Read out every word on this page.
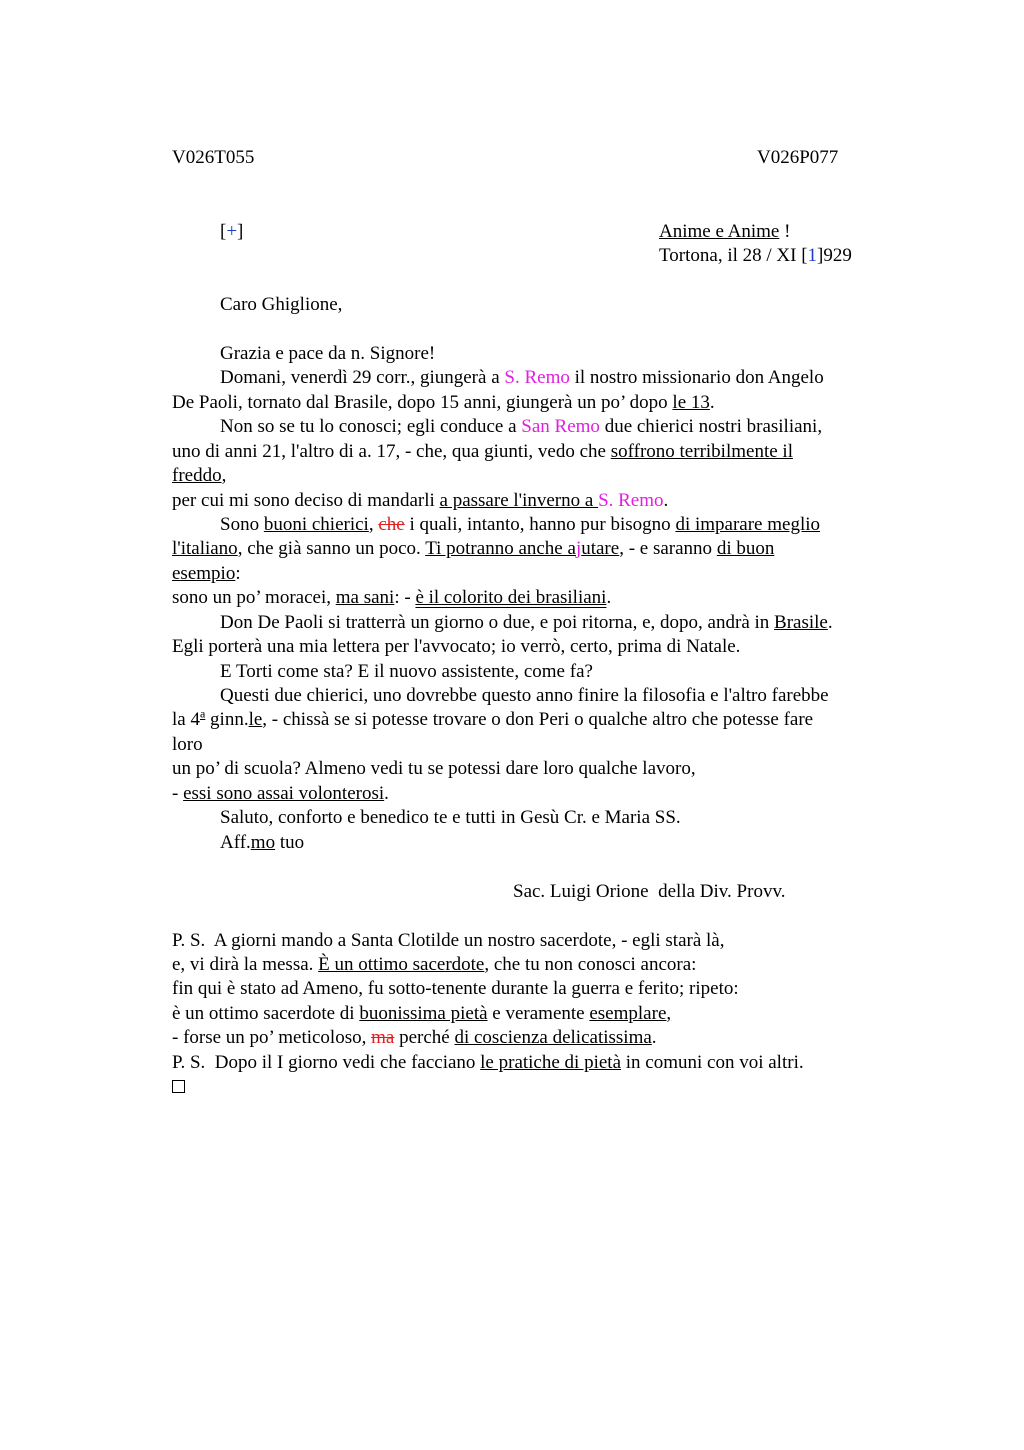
V026T055	V026P077
[+]	Anime e Anime !
Tortona, il 28 / XI [1]929
Caro Ghiglione,
Grazia e pace da n. Signore!
Domani, venerdì 29 corr., giungerà a S. Remo il nostro missionario don Angelo
De Paoli, tornato dal Brasile, dopo 15 anni, giungerà un po’ dopo le 13.
Non so se tu lo conosci; egli conduce a San Remo due chierici nostri brasiliani,
uno di anni 21, l'altro di a. 17, - che, qua giunti, vedo che soffrono terribilmente il
freddo,
per cui mi sono deciso di mandarli a passare l'inverno a S. Remo.
Sono buoni chierici, che i quali, intanto, hanno pur bisogno di imparare meglio
l'italiano, che già sanno un poco. Ti potranno anche ajutare, - e saranno di buon
esempio:
sono un po’ moracei, ma sani: - è il colorito dei brasiliani.
Don De Paoli si tratterrà un giorno o due, e poi ritorna, e, dopo, andrà in Brasile.
Egli porterà una mia lettera per l'avvocato; io verrò, certo, prima di Natale.
E Torti come sta? E il nuovo assistente, come fa?
Questi due chierici, uno dovrebbe questo anno finire la filosofia e l'altro farebbe
la 4$^a$ ginn.le, - chissà se si potesse trovare o don Peri o qualche altro che potesse fare
loro
un po’ di scuola? Almeno vedi tu se potessi dare loro qualche lavoro,
- essi sono assai volonterosi.
Saluto, conforto e benedico te e tutti in Gesù Cr. e Maria SS.
Aff.mo tuo
Sac. Luigi Orione  della Div. Provv.
P. S.  A giorni mando a Santa Clotilde un nostro sacerdote, - egli starà là,
e, vi dirà la messa. È un ottimo sacerdote, che tu non conosci ancora:
fin qui è stato ad Ameno, fu sotto-tenente durante la guerra e ferito; ripeto:
è un ottimo sacerdote di buonissima pietà e veramente esemplare,
- forse un po’ meticoloso, ma perché di coscienza delicatissima.
P. S.  Dopo il I giorno vedi che facciano le pratiche di pietà in comuni con voi altri.
